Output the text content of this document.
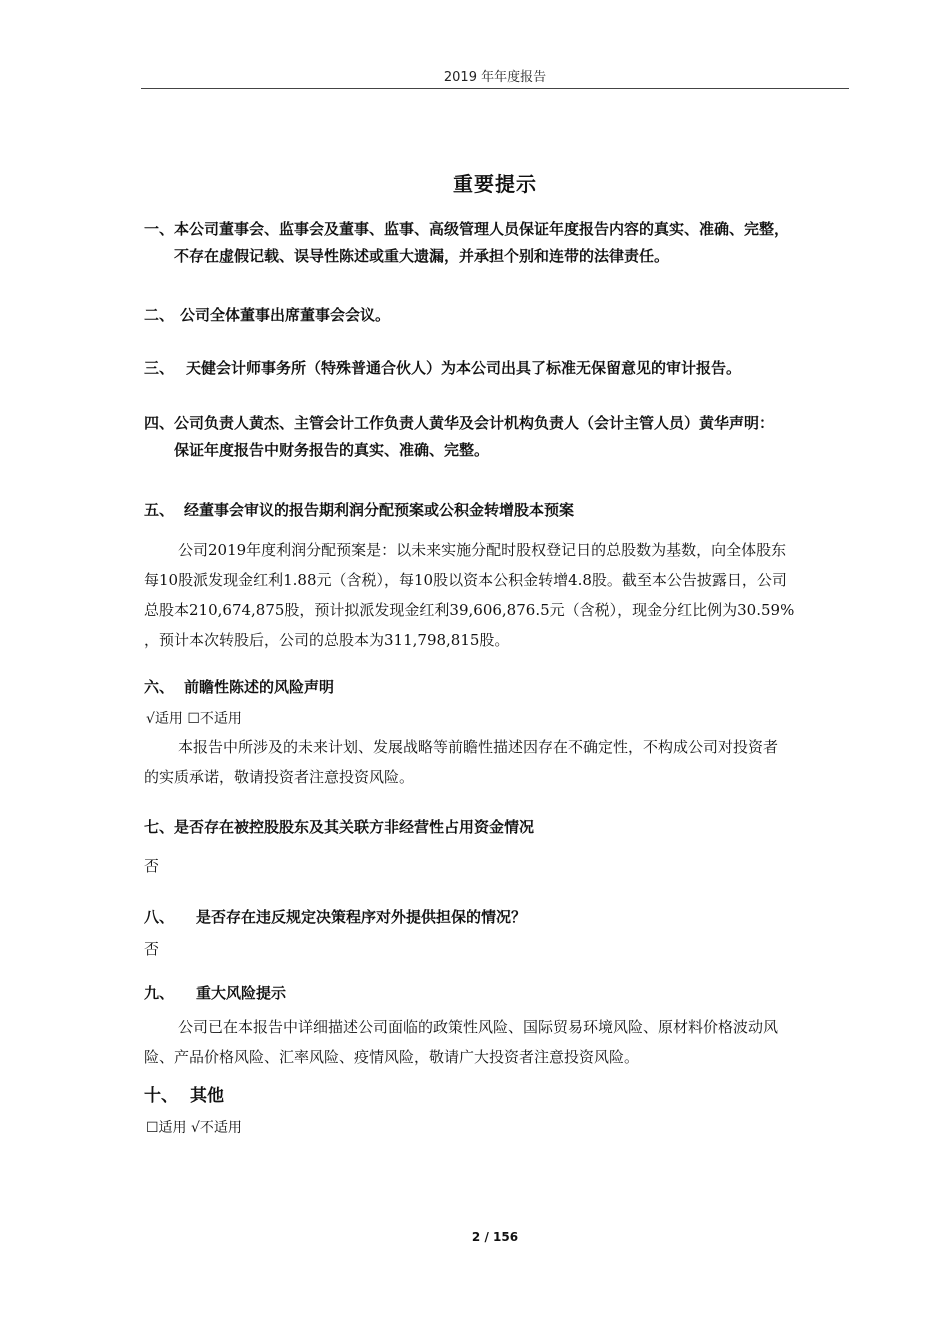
2019 年年度报告
重要提示
一、本公司董事会、监事会及董事、监事、高级管理人员保证年度报告内容的真实、准确、完整，
不存在虚假记载、误导性陈述或重大遗漏，并承担个别和连带的法律责任。
二、 公司全体董事出席董事会会议。
三、 天健会计师事务所（特殊普通合伙人）为本公司出具了标准无保留意见的审计报告。
四、公司负责人黄杰、主管会计工作负责人黄华及会计机构负责人（会计主管人员）黄华声明：
保证年度报告中财务报告的真实、准确、完整。
五、 经董事会审议的报告期利润分配预案或公积金转增股本预案
公司2019年度利润分配预案是：以未来实施分配时股权登记日的总股数为基数，向全体股东
每10股派发现金红利1.88元（含税），每10股以资本公积金转增4.8股。截至本公告披露日，公司
总股本210,674,875股，预计拟派发现金红利39,606,876.5元（含税），现金分红比例为30.59%
，预计本次转股后，公司的总股本为311,798,815股。
六、 前瞻性陈述的风险声明
√适用 ☐不适用
本报告中所涉及的未来计划、发展战略等前瞻性描述因存在不确定性，不构成公司对投资者
的实质承诺，敬请投资者注意投资风险。
七、是否存在被控股股东及其关联方非经营性占用资金情况
否
八、 是否存在违反规定决策程序对外提供担保的情况？
否
九、 重大风险提示
公司已在本报告中详细描述公司面临的政策性风险、国际贸易环境风险、原材料价格波动风
险、产品价格风险、汇率风险、疫情风险，敬请广大投资者注意投资风险。
十、 其他
☐适用 √不适用
2 / 156
